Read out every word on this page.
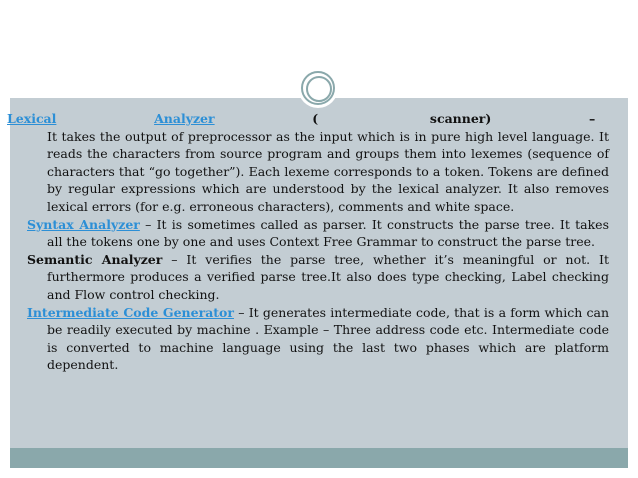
Lexical	Analyzer	(	scanner)	–
It takes the output of preprocessor as the input which is in pure high level language. It reads the characters from source program and groups them into lexemes (sequence of characters that “go together”). Each lexeme corresponds to a token. Tokens are defined by regular expressions which are understood by the lexical analyzer. It also removes lexical errors (for e.g. erroneous characters), comments and white space.
Syntax Analyzer – It is sometimes called as parser. It constructs the parse tree. It takes all the tokens one by one and uses Context Free Grammar to construct the parse tree.
Semantic Analyzer – It verifies the parse tree, whether it’s meaningful or not. It furthermore produces a verified parse tree.It also does type checking, Label checking and Flow control checking.
Intermediate Code Generator – It generates intermediate code, that is a form which can be readily executed by machine . Example – Three address code etc. Intermediate code is converted to machine language using the last two phases which are platform dependent.
